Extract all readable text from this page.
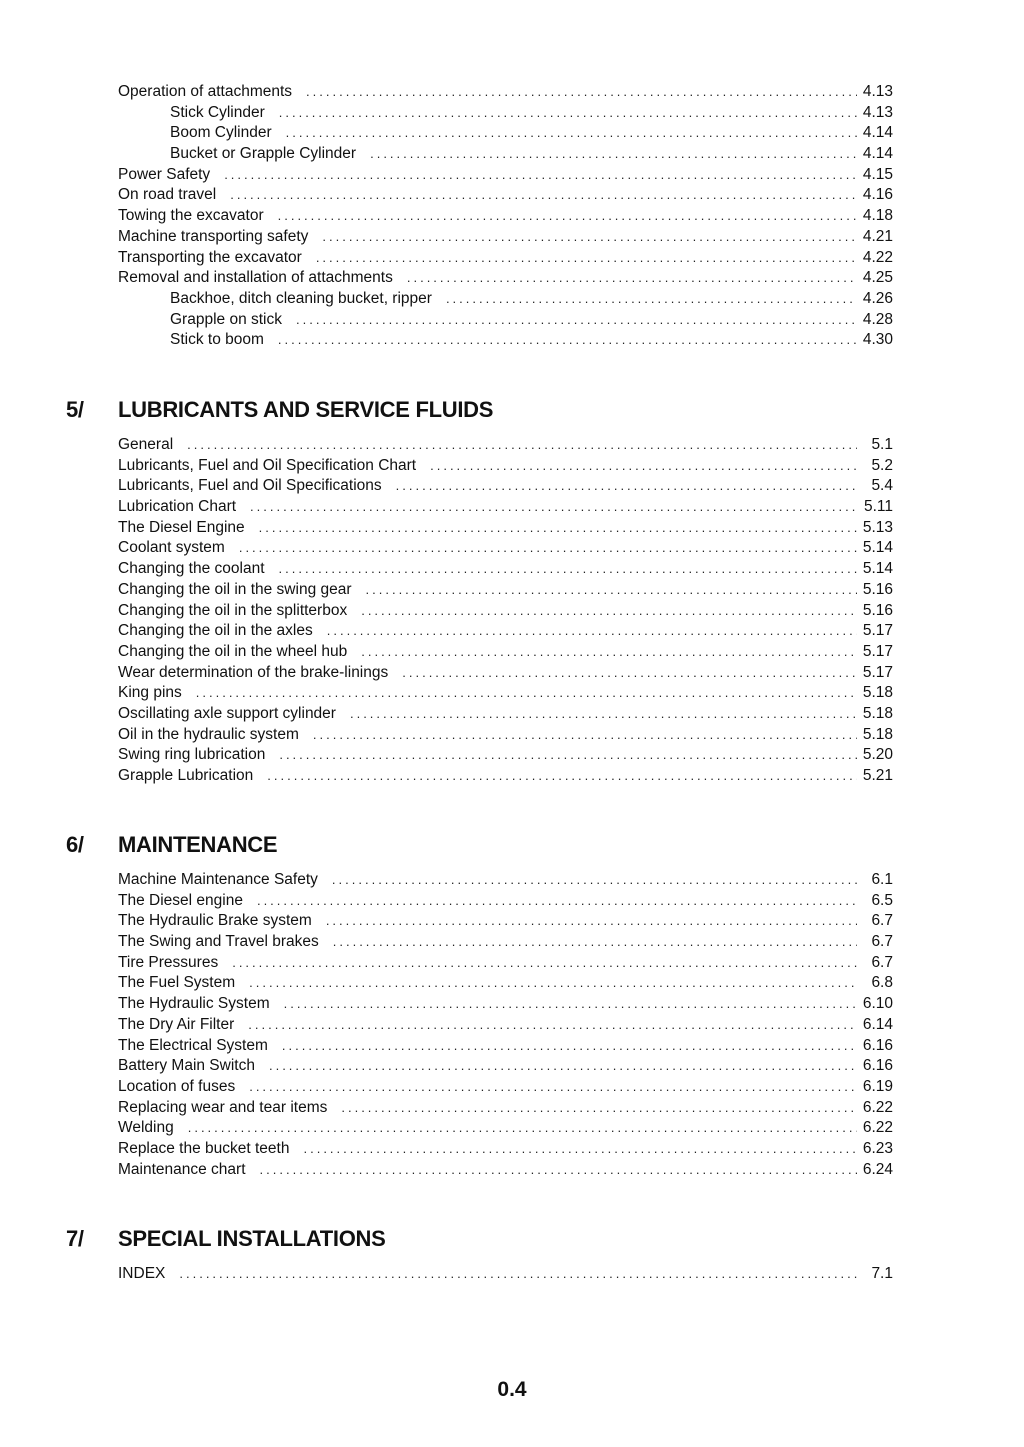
Operation of attachments .....	4.13
Stick Cylinder .....	4.13
Boom Cylinder .....	4.14
Bucket or Grapple Cylinder .....	4.14
Power Safety .....	4.15
On road travel .....	4.16
Towing the excavator .....	4.18
Machine transporting safety .....	4.21
Transporting the excavator .....	4.22
Removal and installation of attachments .....	4.25
Backhoe, ditch cleaning bucket, ripper .....	4.26
Grapple on stick .....	4.28
Stick to boom .....	4.30
5/	LUBRICANTS AND SERVICE FLUIDS
General .....	5.1
Lubricants, Fuel and Oil Specification Chart .....	5.2
Lubricants, Fuel and Oil Specifications .....	5.4
Lubrication Chart .....	5.11
The Diesel Engine .....	5.13
Coolant system .....	5.14
Changing the coolant .....	5.14
Changing the oil in the swing gear .....	5.16
Changing the oil in the splitterbox .....	5.16
Changing the oil in the axles .....	5.17
Changing the oil in the wheel hub .....	5.17
Wear determination of the brake-linings .....	5.17
King pins .....	5.18
Oscillating axle support cylinder .....	5.18
Oil in the hydraulic system .....	5.18
Swing ring lubrication .....	5.20
Grapple Lubrication .....	5.21
6/	MAINTENANCE
Machine Maintenance Safety .....	6.1
The Diesel engine .....	6.5
The Hydraulic Brake system .....	6.7
The Swing and Travel brakes .....	6.7
Tire Pressures .....	6.7
The Fuel System .....	6.8
The Hydraulic System .....	6.10
The Dry Air Filter .....	6.14
The Electrical System .....	6.16
Battery Main Switch .....	6.16
Location of fuses .....	6.19
Replacing wear and tear items .....	6.22
Welding .....	6.22
Replace the bucket teeth .....	6.23
Maintenance chart .....	6.24
7/	SPECIAL INSTALLATIONS
INDEX .....	7.1
0.4
